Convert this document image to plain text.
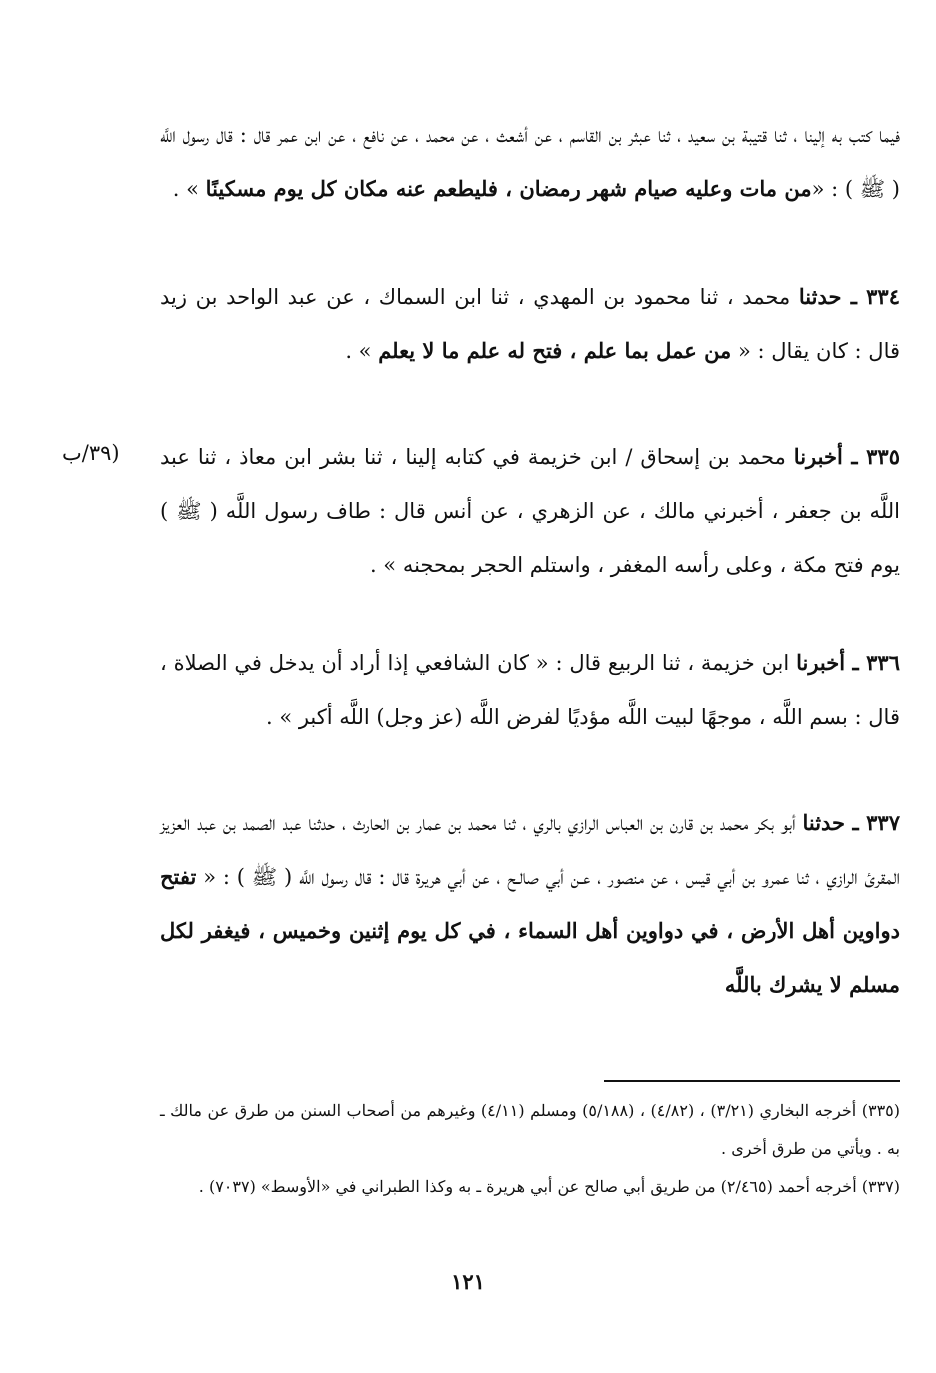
فيما كتب به إلينا ، ثنا قتيبة بن سعيد ، ثنا عبثر بن القاسم ، عن أشعث ، عن محمد ، عن نافع ، عن ابن عمر قال : قال رسول اللَّه ( ﷺ ) : «من مات وعليه صيام شهر رمضان ، فليطعم عنه مكان كل يوم مسكينًا » .

٣٣٤ ـ حدثنا محمد ، ثنا محمود بن المهدي ، ثنا ابن السماك ، عن عبد الواحد بن زيد قال : كان يقال : « من عمل بما علم ، فتح له علم ما لا يعلم » .

٣٣٥ ـ أخبرنا محمد بن إسحاق / ابن خزيمة في كتابه إلينا ، ثنا بشر ابن معاذ ، ثنا عبد اللَّه بن جعفر ، أخبرني مالك ، عن الزهري ، عن أنس قال : طاف رسول اللَّه ( ﷺ ) يوم فتح مكة ، وعلى رأسه المغفر ، واستلم الحجر بمحجنه » .

٣٣٦ ـ أخبرنا ابن خزيمة ، ثنا الربيع قال : « كان الشافعي إذا أراد أن يدخل في الصلاة ، قال : بسم اللَّه ، موجهًا لبيت اللَّه مؤديًا لفرض اللَّه (عز وجل) اللَّه أكبر » .

٣٣٧ ـ حدثنا أبو بكر محمد بن قارن بن العباس الرازي بالري ، ثنا محمد بن عمار بن الحارث ، حدثنا عبد الصمد بن عبد العزيز المقرئ الرازي ، ثنا عمرو بن أبي قيس ، عن منصور ، عـن أبي صالـح ، عن أبي هريرة قال : قال رسول اللَّه ( ﷺ ) : « تفتح دواوين أهل الأرض ، في دواوين أهل السماء ، في كل يوم إثنين وخميس ، فيغفر لكل مسلم لا يشرك باللَّه

(٣٩/ب

(٣٣٥) أخرجه البخاري (٣/٢١) ، (٤/٨٢) ، (٥/١٨٨) ومسلم (٤/١١) وغيرهم من أصحاب السنن من طرق عن مالك ـ به . ويأتي من طرق أخرى .

(٣٣٧) أخرجه أحمد (٢/٤٦٥) من طريق أبي صالح عن أبي هريرة ـ به وكذا الطبراني في «الأوسط» (٧٠٣٧) .

١٢١
